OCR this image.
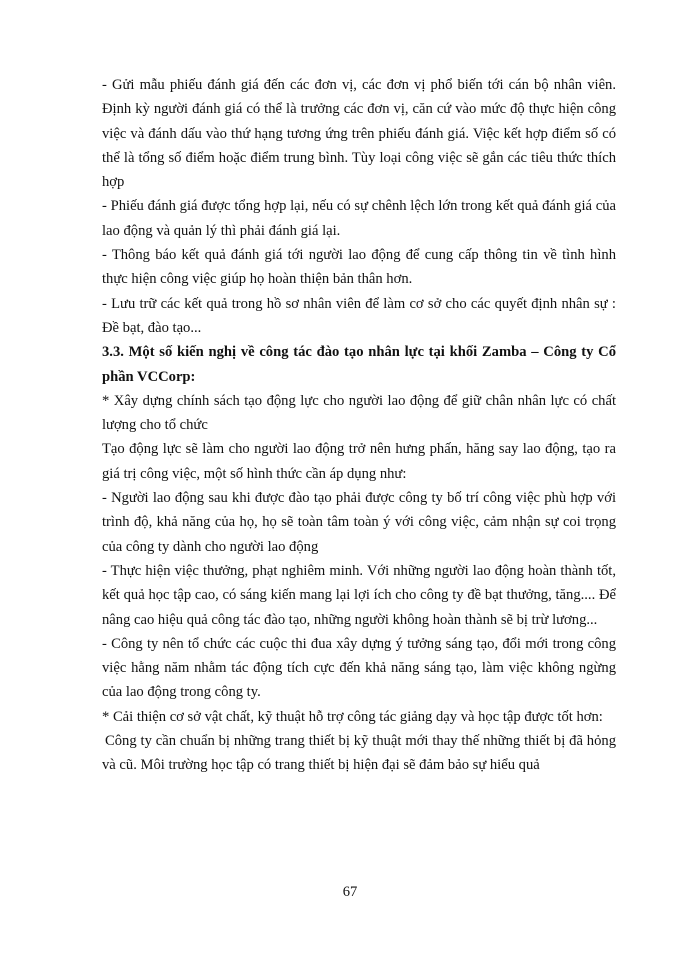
- Gửi mẫu phiếu đánh giá đến các đơn vị, các đơn vị phổ biến tới cán bộ nhân viên. Định kỳ người đánh giá có thể là trưởng các đơn vị, căn cứ vào mức độ thực hiện công việc và đánh dấu vào thứ hạng tương ứng trên phiếu đánh giá. Việc kết hợp điểm số có thể là tổng số điểm hoặc điểm trung bình. Tùy loại công việc sẽ gắn các tiêu thức thích hợp

- Phiếu đánh giá được tổng hợp lại, nếu có sự chênh lệch lớn trong kết quả đánh giá của lao động và quản lý thì phải đánh giá lại.

- Thông báo kết quả đánh giá tới người lao động để cung cấp thông tin về tình hình thực hiện công việc giúp họ hoàn thiện bản thân hơn.

- Lưu trữ các kết quả trong hồ sơ nhân viên để làm cơ sở cho các quyết định nhân sự : Đề bạt, đào tạo...

3.3. Một số kiến nghị về công tác đào tạo nhân lực tại khối Zamba – Công ty Cổ phần VCCorp:

* Xây dựng chính sách tạo động lực cho người lao động để giữ chân nhân lực có chất lượng cho tổ chức

Tạo động lực sẽ làm cho người lao động trở nên hưng phấn, hăng say lao động, tạo ra giá trị công việc, một số hình thức cần áp dụng như:

- Người lao động sau khi được đào tạo phải được công ty bố trí công việc phù hợp với trình độ, khả năng của họ, họ sẽ toàn tâm toàn ý với công việc, cảm nhận sự coi trọng của công ty dành cho người lao động

- Thực hiện việc thưởng, phạt nghiêm minh. Với những người lao động hoàn thành tốt, kết quả học tập cao, có sáng kiến mang lại lợi ích cho công ty đề bạt thưởng, tăng.... Để nâng cao hiệu quả công tác đào tạo, những người không hoàn thành sẽ bị trừ lương...

- Công ty nên tổ chức các cuộc thi đua xây dựng ý tưởng sáng tạo, đổi mới trong công việc hằng năm nhằm tác động tích cực đến khả năng sáng tạo, làm việc không ngừng của lao động trong công ty.

* Cải thiện cơ sở vật chất, kỹ thuật hỗ trợ công tác giảng dạy và học tập được tốt hơn:

Công ty cần chuẩn bị những trang thiết bị kỹ thuật mới thay thế những thiết bị đã hỏng và cũ. Môi trường học tập có trang thiết bị hiện đại sẽ đảm bảo sự hiểu quả

67
